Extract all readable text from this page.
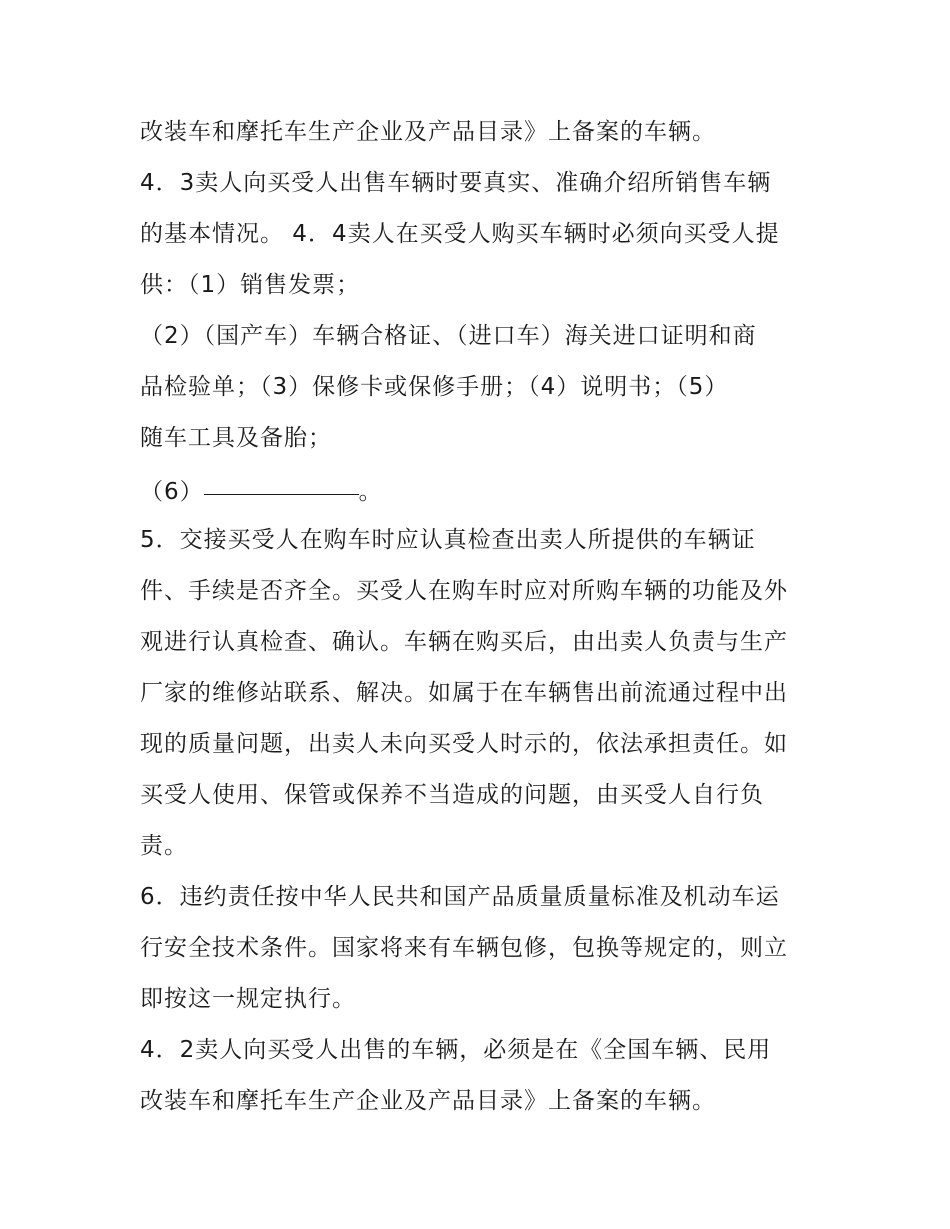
改装车和摩托车生产企业及产品目录》上备案的车辆。
4．3卖人向买受人出售车辆时要真实、准确介绍所销售车辆
的基本情况。 4．4卖人在买受人购买车辆时必须向买受人提
供：（1）销售发票；
（2）（国产车）车辆合格证、（进口车）海关进口证明和商
品检验单；（3）保修卡或保修手册；（4）说明书；（5）
随车工具及备胎；
（6）	。
5．交接买受人在购车时应认真检查出卖人所提供的车辆证
件、手续是否齐全。买受人在购车时应对所购车辆的功能及外
观进行认真检查、确认。车辆在购买后，由出卖人负责与生产
厂家的维修站联系、解决。如属于在车辆售出前流通过程中出
现的质量问题，出卖人未向买受人时示的，依法承担责任。如
买受人使用、保管或保养不当造成的问题，由买受人自行负
责。
6．违约责任按中华人民共和国产品质量质量标准及机动车运
行安全技术条件。国家将来有车辆包修，包换等规定的，则立
即按这一规定执行。
4．2卖人向买受人出售的车辆，必须是在《全国车辆、民用
改装车和摩托车生产企业及产品目录》上备案的车辆。
